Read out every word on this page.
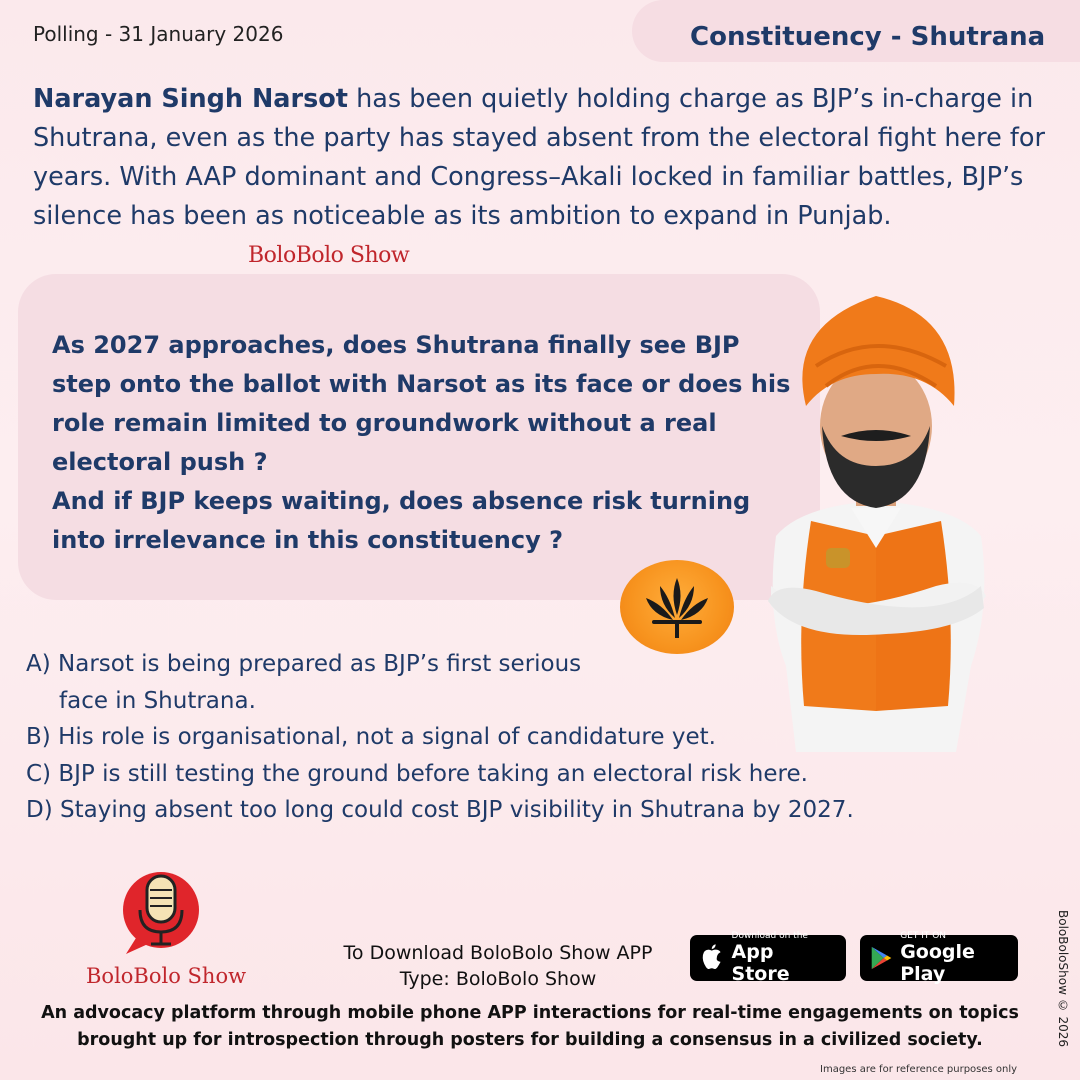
Polling - 31 January 2026	Constituency - Shutrana
Narayan Singh Narsot has been quietly holding charge as BJP’s in-charge in Shutrana, even as the party has stayed absent from the electoral fight here for years. With AAP dominant and Congress–Akali locked in familiar battles, BJP’s silence has been as noticeable as its ambition to expand in Punjab.
BoloBolo Show
As 2027 approaches, does Shutrana finally see BJP step onto the ballot with Narsot as its face or does his role remain limited to groundwork without a real electoral push ?
And if BJP keeps waiting, does absence risk turning into irrelevance in this constituency ?
A) Narsot is being prepared as BJP’s first serious
face in Shutrana.
B) His role is organisational, not a signal of candidature yet.
C) BJP is still testing the ground before taking an electoral risk here.
D) Staying absent too long could cost BJP visibility in Shutrana by 2027.
BoloBolo Show
To Download BoloBolo Show APP
Type: BoloBolo Show
Download on the
App Store
GET IT ON
Google Play
An advocacy platform through mobile phone APP interactions for real-time engagements on topics brought up for introspection through posters for building a consensus in a civilized society.	BoloBoloShow © 2026
Images are for reference purposes only
